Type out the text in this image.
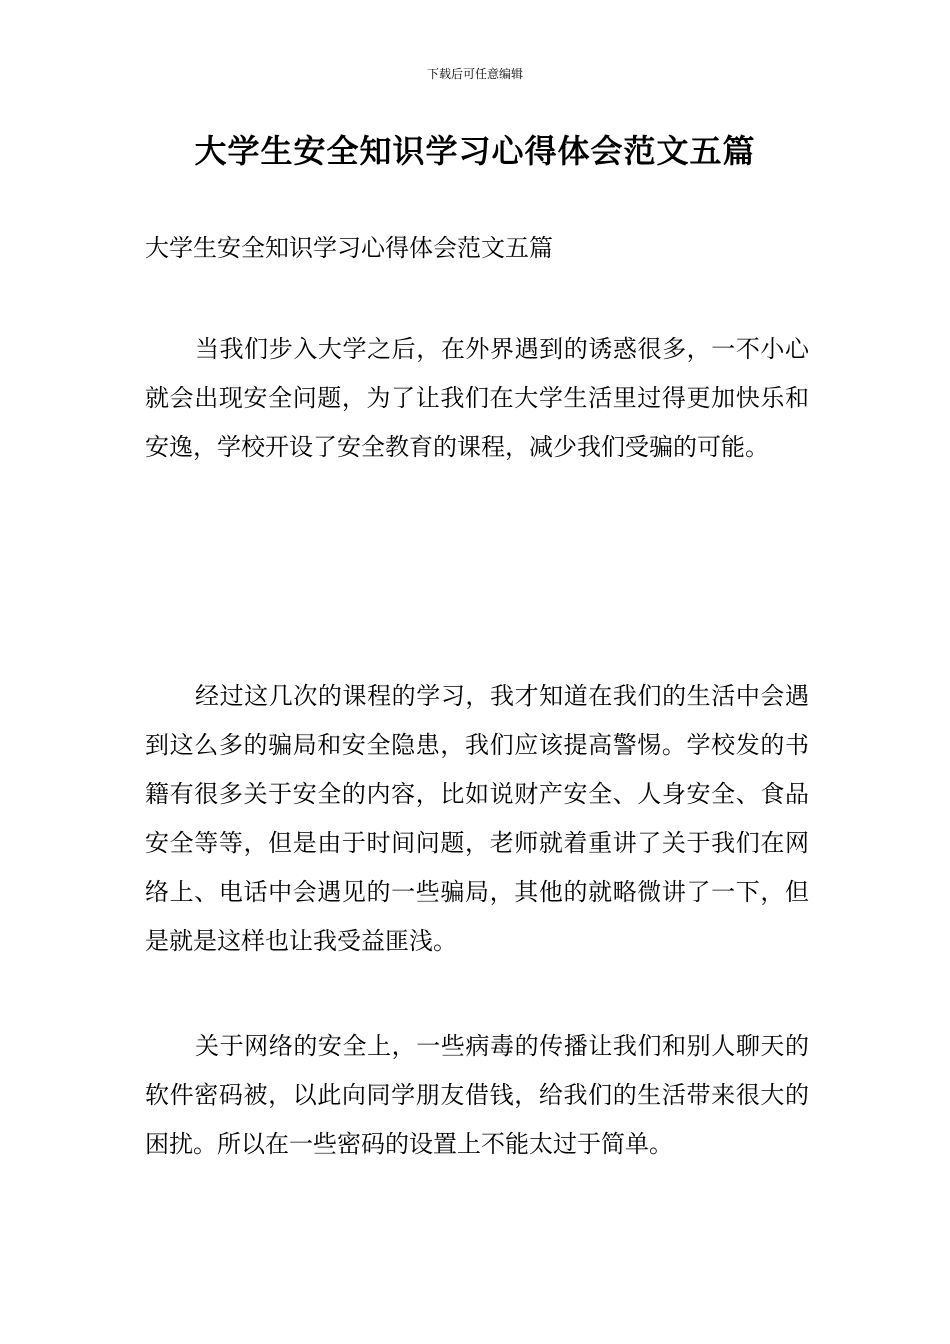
下载后可任意编辑
大学生安全知识学习心得体会范文五篇
大学生安全知识学习心得体会范文五篇

当我们步入大学之后，在外界遇到的诱惑很多，一不小心就会出现安全问题，为了让我们在大学生活里过得更加快乐和安逸，学校开设了安全教育的课程，减少我们受骗的可能。

经过这几次的课程的学习，我才知道在我们的生活中会遇到这么多的骗局和安全隐患，我们应该提高警惕。学校发的书籍有很多关于安全的内容，比如说财产安全、人身安全、食品安全等等，但是由于时间问题，老师就着重讲了关于我们在网络上、电话中会遇见的一些骗局，其他的就略微讲了一下，但是就是这样也让我受益匪浅。

关于网络的安全上，一些病毒的传播让我们和别人聊天的软件密码被，以此向同学朋友借钱，给我们的生活带来很大的困扰。所以在一些密码的设置上不能太过于简单。
